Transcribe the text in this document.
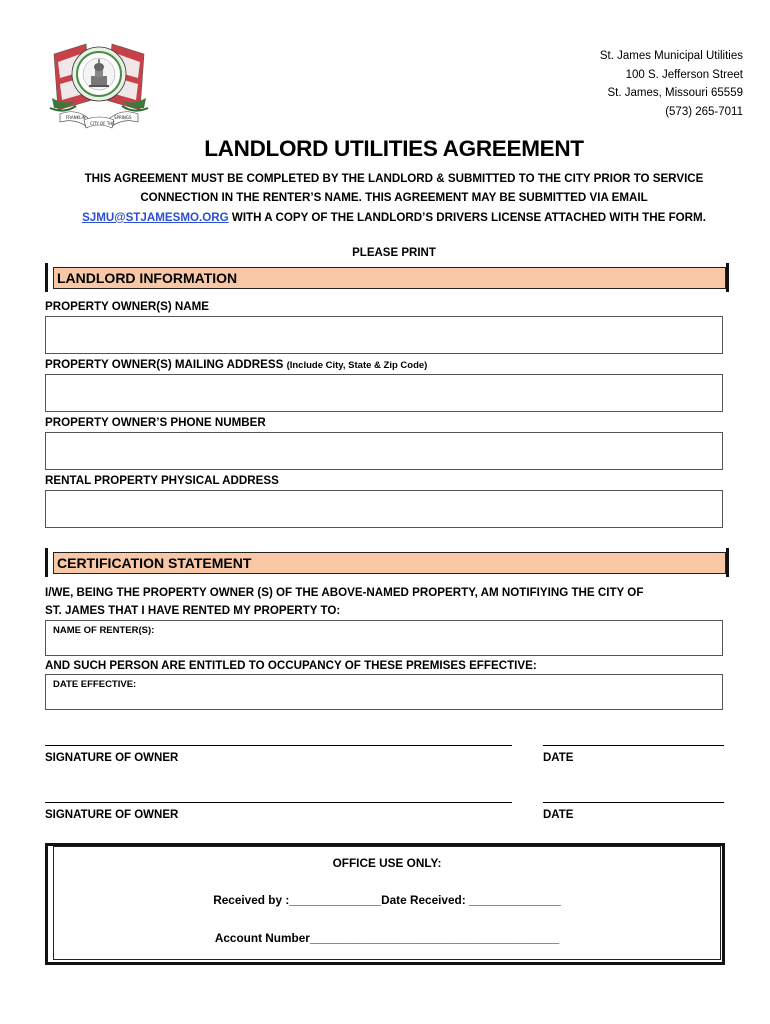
FRANKLIN
CITY OF THE
SPRINGS
St. James Municipal Utilities
100 S. Jefferson Street
St. James, Missouri 65559
(573) 265-7011
LANDLORD UTILITIES AGREEMENT
THIS AGREEMENT MUST BE COMPLETED BY THE LANDLORD & SUBMITTED TO THE CITY PRIOR TO SERVICE
CONNECTION IN THE RENTER’S NAME. THIS AGREEMENT MAY BE SUBMITTED VIA EMAIL
SJMU@STJAMESMO.ORG WITH A COPY OF THE LANDLORD’S DRIVERS LICENSE ATTACHED WITH THE FORM.
PLEASE PRINT
LANDLORD INFORMATION
PROPERTY OWNER(S) NAME
PROPERTY OWNER(S) MAILING ADDRESS (Include City, State & Zip Code)
PROPERTY OWNER’S PHONE NUMBER
RENTAL PROPERTY PHYSICAL ADDRESS
CERTIFICATION STATEMENT
I/WE, BEING THE PROPERTY OWNER (S) OF THE ABOVE-NAMED PROPERTY, AM NOTIFIYING THE CITY OF
ST. JAMES THAT I HAVE RENTED MY PROPERTY TO:
NAME OF RENTER(S):
AND SUCH PERSON ARE ENTITLED TO OCCUPANCY OF THESE PREMISES EFFECTIVE:
DATE EFFECTIVE:
SIGNATURE OF OWNER	DATE
SIGNATURE OF OWNER	DATE
OFFICE USE ONLY:
Received by :______________Date Received: ______________
Account Number______________________________________
